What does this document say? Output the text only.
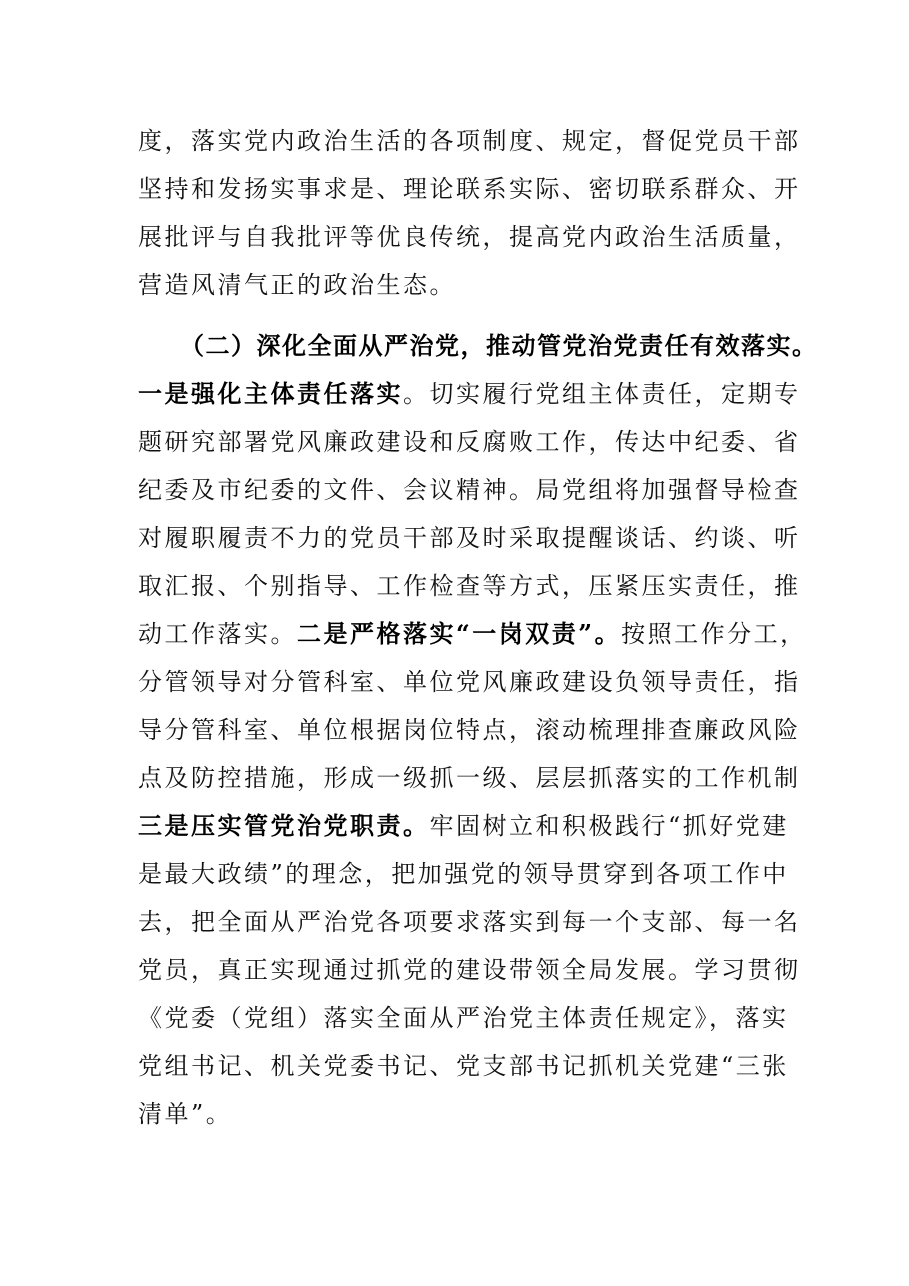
度，落实党内政治生活的各项制度、规定，督促党员干部
坚持和发扬实事求是、理论联系实际、密切联系群众、开
展批评与自我批评等优良传统，提高党内政治生活质量，
营造风清气正的政治生态。
（二）深化全面从严治党，推动管党治党责任有效落实。
一是强化主体责任落实。切实履行党组主体责任，定期专
题研究部署党风廉政建设和反腐败工作，传达中纪委、省
纪委及市纪委的文件、会议精神。局党组将加强督导检查
对履职履责不力的党员干部及时采取提醒谈话、约谈、听
取汇报、个别指导、工作检查等方式，压紧压实责任，推
动工作落实。二是严格落实“一岗双责”。按照工作分工，
分管领导对分管科室、单位党风廉政建设负领导责任，指
导分管科室、单位根据岗位特点，滚动梳理排查廉政风险
点及防控措施，形成一级抓一级、层层抓落实的工作机制
三是压实管党治党职责。牢固树立和积极践行“抓好党建
是最大政绩”的理念，把加强党的领导贯穿到各项工作中
去，把全面从严治党各项要求落实到每一个支部、每一名
党员，真正实现通过抓党的建设带领全局发展。学习贯彻
《党委（党组）落实全面从严治党主体责任规定》，落实
党组书记、机关党委书记、党支部书记抓机关党建“三张
清单”。
